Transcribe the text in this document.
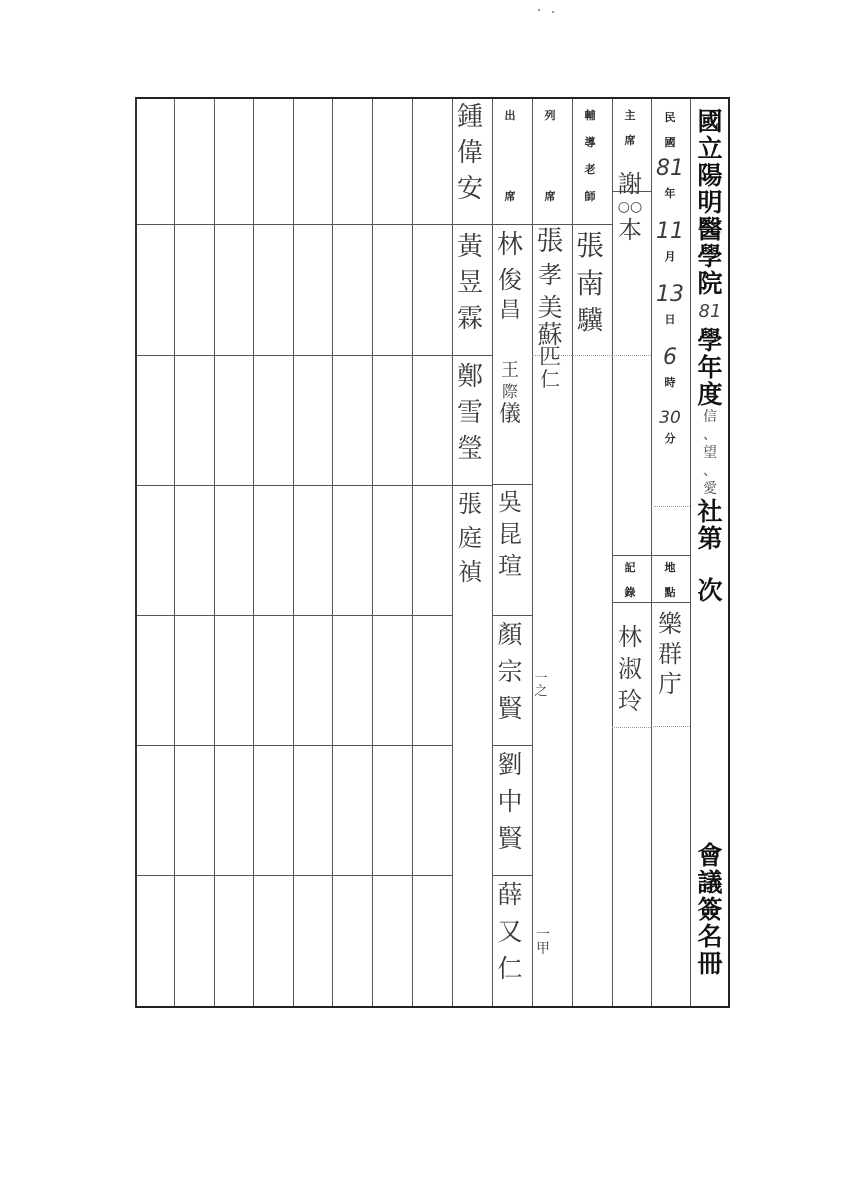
國
立
陽
明
醫
學
院
81
學
年
度
信
、
望
、
愛
社
第
次
會
議
簽
名
冊
民
國
81
年
11
月
13
日
6
時
30
分
地
點
樂
群
庁
主
席
謝
○○
本
記
錄
林
淑
玲
輔
導
老
師
張
南
驥
列
席
張
孝
美
蘇
匹
仁
出
席
林
俊
昌
王
際
儀
吳
昆
瑄
顏
宗
賢
劉
中
賢
薛
又
仁
一之
一甲
鍾
偉
安
黃
昱
霖
鄭
雪
瑩
張
庭
禎
